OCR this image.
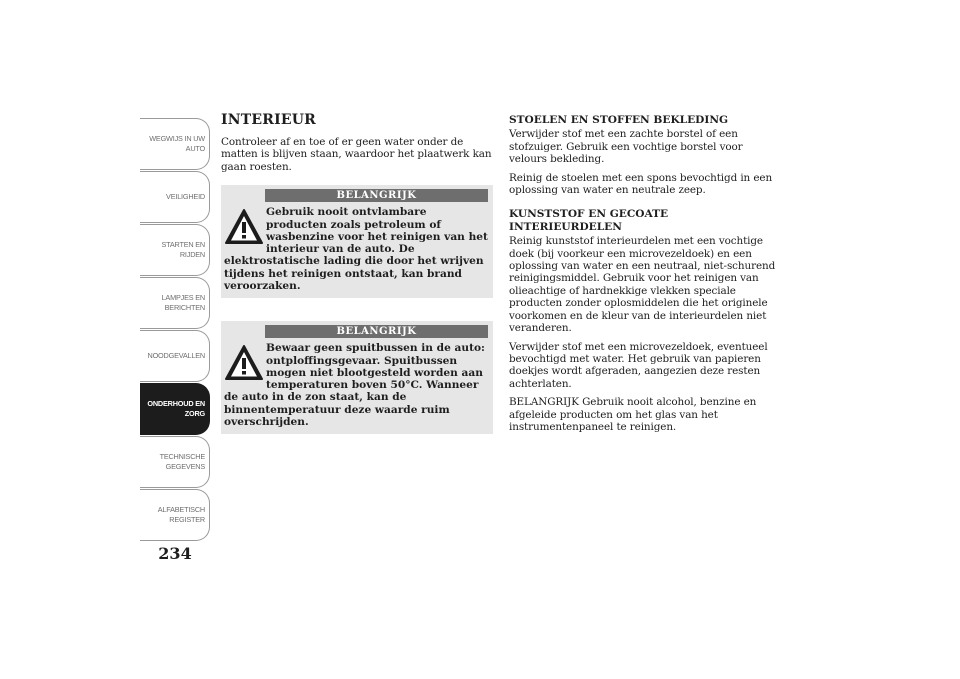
WEGWIJS IN UW
AUTO
VEILIGHEID
STARTEN EN
RIJDEN
LAMPJES EN
BERICHTEN
NOODGEVALLEN
ONDERHOUD EN
ZORG
TECHNISCHE
GEGEVENS
ALFABETISCH
REGISTER
234
INTERIEUR

Controleer af en toe of er geen water onder de matten is blijven staan, waardoor het plaatwerk kan gaan roesten.

BELANGRIJK
Gebruik nooit ontvlambare producten zoals petroleum of wasbenzine voor het reinigen van het interieur van de auto. De elektrostatische lading die door het wrijven tijdens het reinigen ontstaat, kan brand veroorzaken.
BELANGRIJK
Bewaar geen spuitbussen in de auto: ontploffingsgevaar. Spuitbussen mogen niet blootgesteld worden aan temperaturen boven 50°C. Wanneer de auto in de zon staat, kan de binnentemperatuur deze waarde ruim overschrijden.
STOELEN EN STOFFEN BEKLEDING

Verwijder stof met een zachte borstel of een stofzuiger. Gebruik een vochtige borstel voor velours bekleding.

Reinig de stoelen met een spons bevochtigd in een oplossing van water en neutrale zeep.

KUNSTSTOF EN GECOATE INTERIEURDELEN

Reinig kunststof interieurdelen met een vochtige doek (bij voorkeur een microvezeldoek) en een oplossing van water en een neutraal, niet-schurend reinigingsmiddel. Gebruik voor het reinigen van olieachtige of hardnekkige vlekken speciale producten zonder oplosmiddelen die het originele voorkomen en de kleur van de interieurdelen niet veranderen.

Verwijder stof met een microvezeldoek, eventueel bevochtigd met water. Het gebruik van papieren doekjes wordt afgeraden, aangezien deze resten achterlaten.

BELANGRIJK Gebruik nooit alcohol, benzine en afgeleide producten om het glas van het instrumentenpaneel te reinigen.
